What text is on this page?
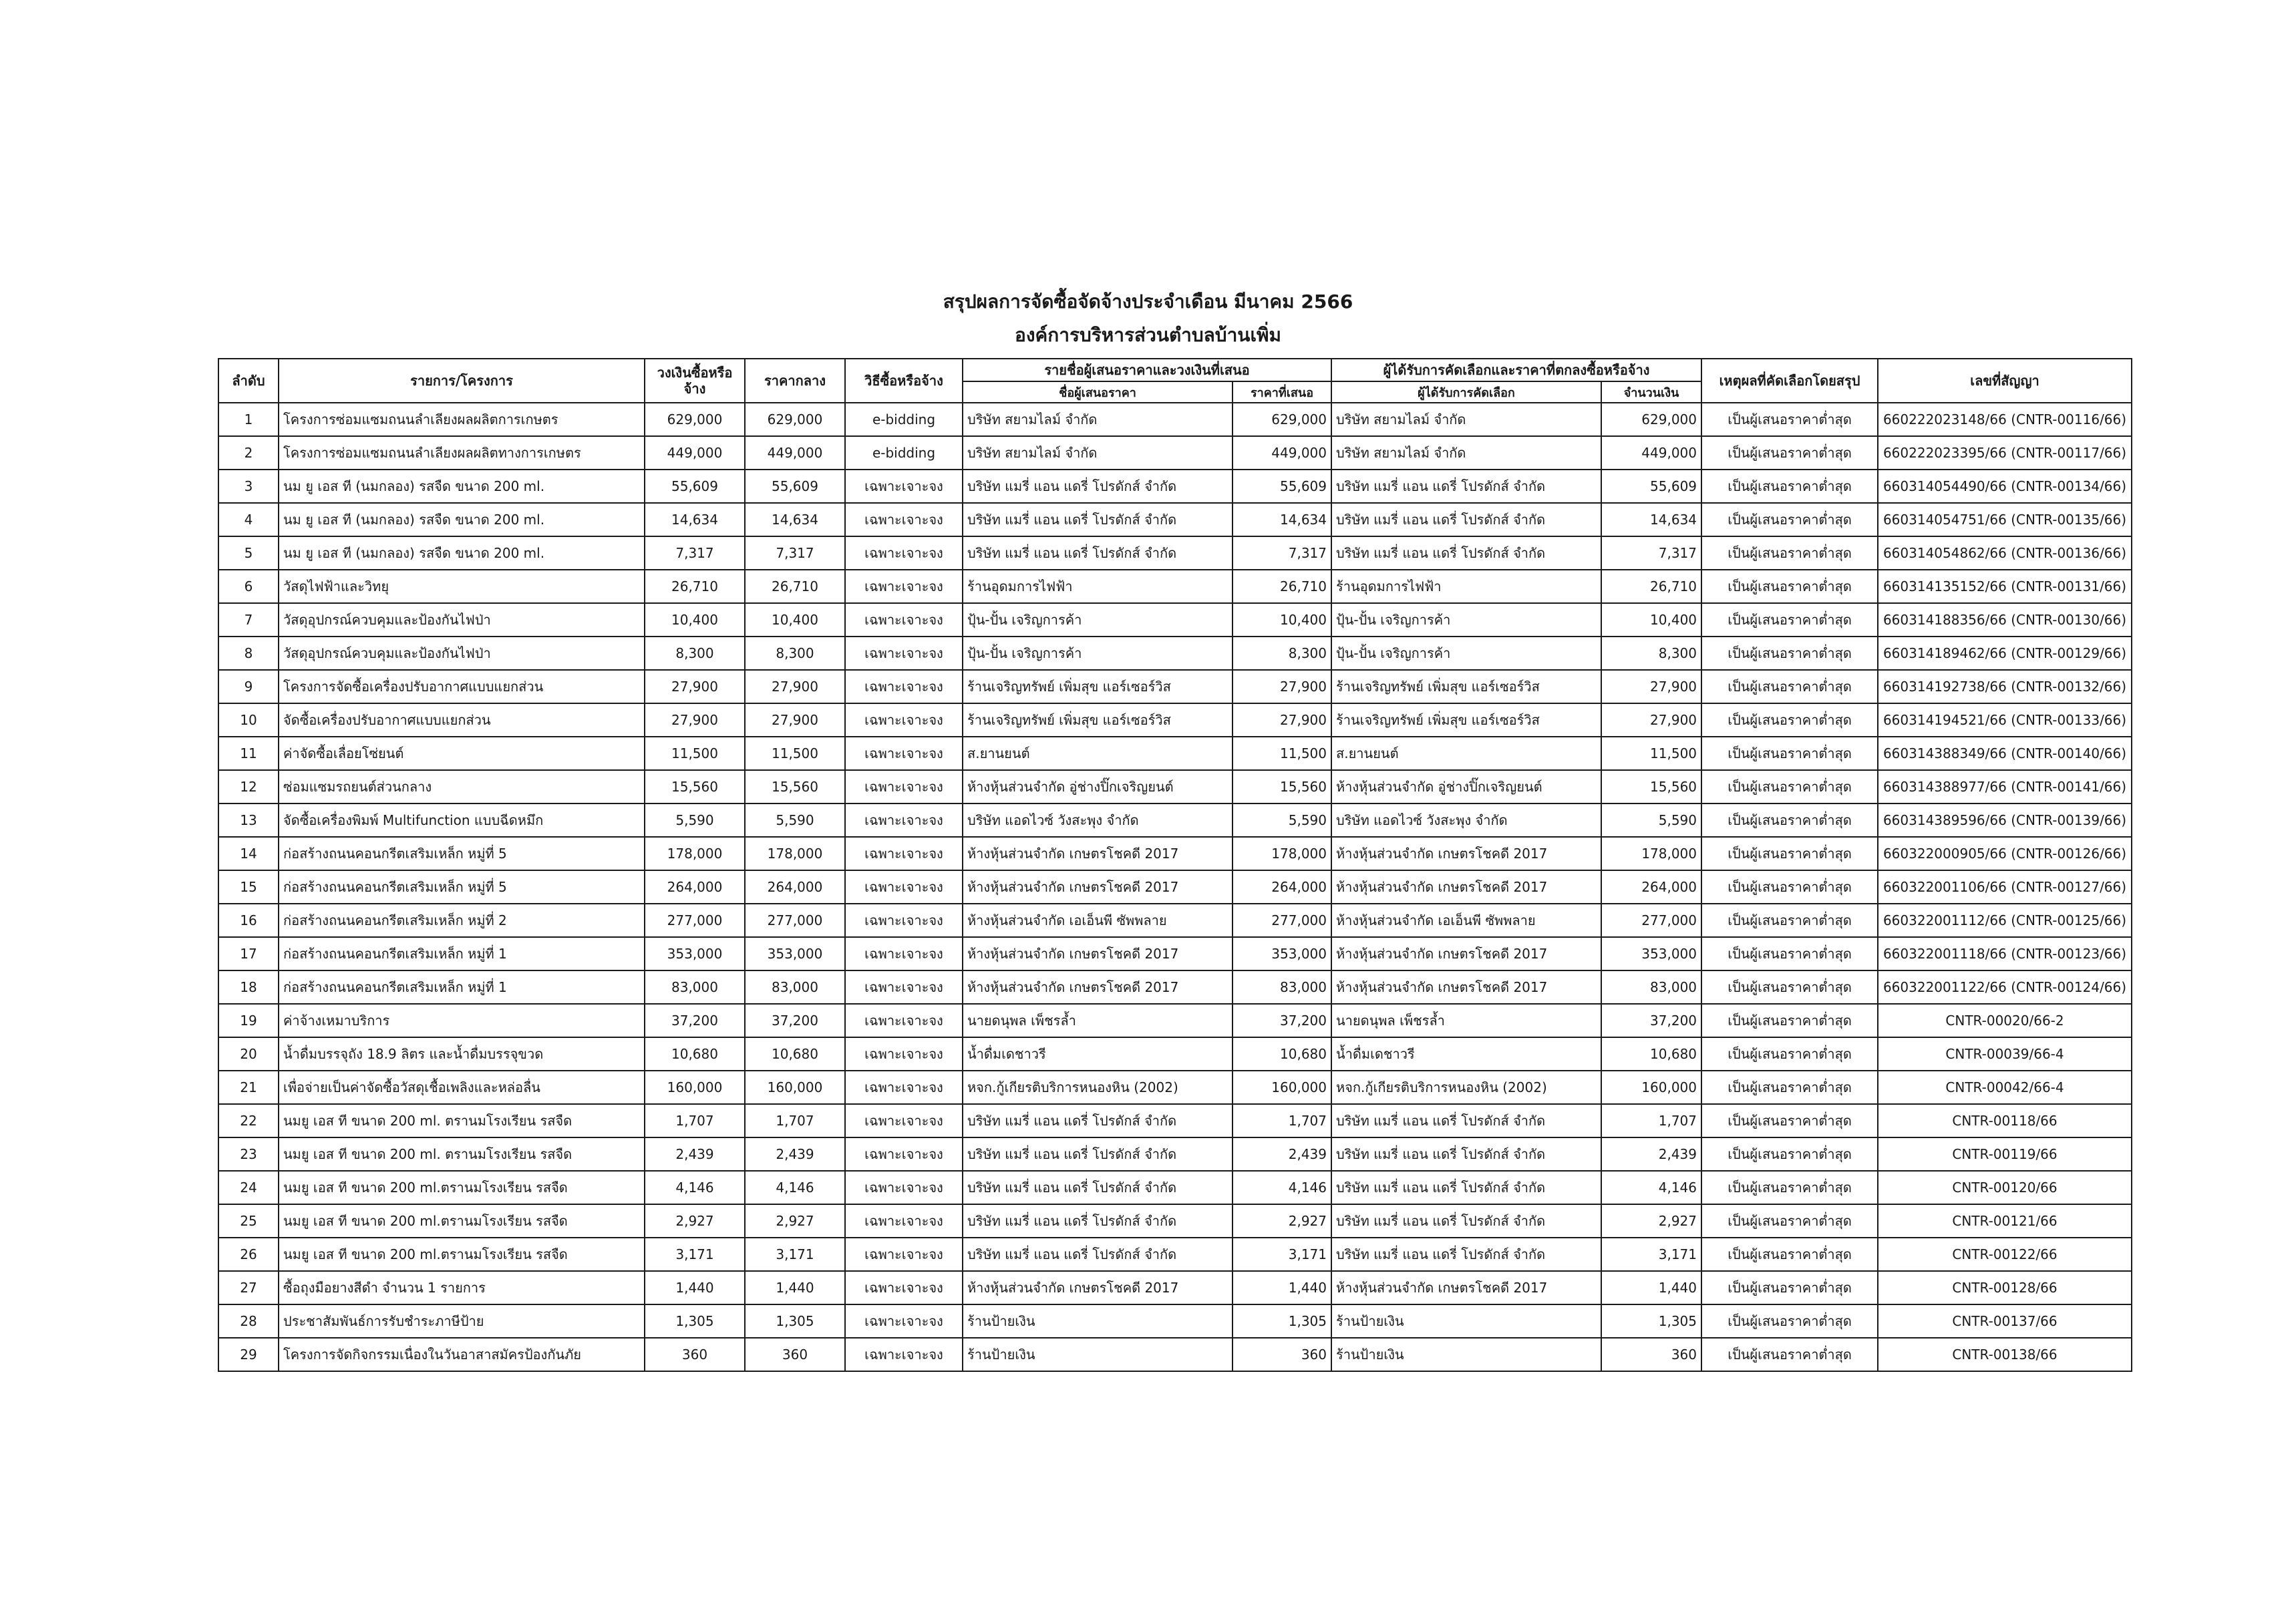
สรุปผลการจัดซื้อจัดจ้างประจำเดือน มีนาคม 2566
องค์การบริหารส่วนตำบลบ้านเพิ่ม
ลำดับ	รายการ/โครงการ	วงเงินซื้อหรือจ้าง	ราคากลาง	วิธีซื้อหรือจ้าง	รายชื่อผู้เสนอราคาและวงเงินที่เสนอ		ผู้ได้รับการคัดเลือกและราคาที่ตกลงซื้อหรือจ้าง		เหตุผลที่คัดเลือกโดยสรุป	เลขที่สัญญา
					ชื่อผู้เสนอราคา	ราคาที่เสนอ	ผู้ได้รับการคัดเลือก	จำนวนเงิน		
1	โครงการซ่อมแซมถนนลำเลียงผลผลิตการเกษตร	629,000	629,000	e-bidding	บริษัท สยามไลม์ จำกัด	629,000	บริษัท สยามไลม์ จำกัด	629,000	เป็นผู้เสนอราคาต่ำสุด	660222023148/66 (CNTR-00116/66)
2	โครงการซ่อมแซมถนนลำเลียงผลผลิตทางการเกษตร	449,000	449,000	e-bidding	บริษัท สยามไลม์ จำกัด	449,000	บริษัท สยามไลม์ จำกัด	449,000	เป็นผู้เสนอราคาต่ำสุด	660222023395/66 (CNTR-00117/66)
3	นม ยู เอส ที (นมกลอง) รสจืด ขนาด 200 ml.	55,609	55,609	เฉพาะเจาะจง	บริษัท แมรี่ แอน แดรี่ โปรดักส์ จำกัด	55,609	บริษัท แมรี่ แอน แดรี่ โปรดักส์ จำกัด	55,609	เป็นผู้เสนอราคาต่ำสุด	660314054490/66 (CNTR-00134/66)
4	นม ยู เอส ที (นมกลอง) รสจืด ขนาด 200 ml.	14,634	14,634	เฉพาะเจาะจง	บริษัท แมรี่ แอน แดรี่ โปรดักส์ จำกัด	14,634	บริษัท แมรี่ แอน แดรี่ โปรดักส์ จำกัด	14,634	เป็นผู้เสนอราคาต่ำสุด	660314054751/66 (CNTR-00135/66)
5	นม ยู เอส ที (นมกลอง) รสจืด ขนาด 200 ml.	7,317	7,317	เฉพาะเจาะจง	บริษัท แมรี่ แอน แดรี่ โปรดักส์ จำกัด	7,317	บริษัท แมรี่ แอน แดรี่ โปรดักส์ จำกัด	7,317	เป็นผู้เสนอราคาต่ำสุด	660314054862/66 (CNTR-00136/66)
6	วัสดุไฟฟ้าและวิทยุ	26,710	26,710	เฉพาะเจาะจง	ร้านอุดมการไฟฟ้า	26,710	ร้านอุดมการไฟฟ้า	26,710	เป็นผู้เสนอราคาต่ำสุด	660314135152/66 (CNTR-00131/66)
7	วัสดุอุปกรณ์ควบคุมและป้องกันไฟป่า	10,400	10,400	เฉพาะเจาะจง	ปุ้น-ปั้น เจริญการค้า	10,400	ปุ้น-ปั้น เจริญการค้า	10,400	เป็นผู้เสนอราคาต่ำสุด	660314188356/66 (CNTR-00130/66)
8	วัสดุอุปกรณ์ควบคุมและป้องกันไฟป่า	8,300	8,300	เฉพาะเจาะจง	ปุ้น-ปั้น เจริญการค้า	8,300	ปุ้น-ปั้น เจริญการค้า	8,300	เป็นผู้เสนอราคาต่ำสุด	660314189462/66 (CNTR-00129/66)
9	โครงการจัดซื้อเครื่องปรับอากาศแบบแยกส่วน	27,900	27,900	เฉพาะเจาะจง	ร้านเจริญทรัพย์ เพิ่มสุข แอร์เซอร์วิส	27,900	ร้านเจริญทรัพย์ เพิ่มสุข แอร์เซอร์วิส	27,900	เป็นผู้เสนอราคาต่ำสุด	660314192738/66 (CNTR-00132/66)
10	จัดซื้อเครื่องปรับอากาศแบบแยกส่วน	27,900	27,900	เฉพาะเจาะจง	ร้านเจริญทรัพย์ เพิ่มสุข แอร์เซอร์วิส	27,900	ร้านเจริญทรัพย์ เพิ่มสุข แอร์เซอร์วิส	27,900	เป็นผู้เสนอราคาต่ำสุด	660314194521/66 (CNTR-00133/66)
11	ค่าจัดซื้อเลื่อยโซ่ยนต์	11,500	11,500	เฉพาะเจาะจง	ส.ยานยนต์	11,500	ส.ยานยนต์	11,500	เป็นผู้เสนอราคาต่ำสุด	660314388349/66 (CNTR-00140/66)
12	ซ่อมแซมรถยนต์ส่วนกลาง	15,560	15,560	เฉพาะเจาะจง	ห้างหุ้นส่วนจำกัด อู่ช่างปิ๊กเจริญยนต์	15,560	ห้างหุ้นส่วนจำกัด อู่ช่างปิ๊กเจริญยนต์	15,560	เป็นผู้เสนอราคาต่ำสุด	660314388977/66 (CNTR-00141/66)
13	จัดซื้อเครื่องพิมพ์ Multifunction แบบฉีดหมึก	5,590	5,590	เฉพาะเจาะจง	บริษัท แอดไวซ์ วังสะพุง จำกัด	5,590	บริษัท แอดไวซ์ วังสะพุง จำกัด	5,590	เป็นผู้เสนอราคาต่ำสุด	660314389596/66 (CNTR-00139/66)
14	ก่อสร้างถนนคอนกรีตเสริมเหล็ก หมู่ที่ 5	178,000	178,000	เฉพาะเจาะจง	ห้างหุ้นส่วนจำกัด เกษตรโชคดี 2017	178,000	ห้างหุ้นส่วนจำกัด เกษตรโชคดี 2017	178,000	เป็นผู้เสนอราคาต่ำสุด	660322000905/66 (CNTR-00126/66)
15	ก่อสร้างถนนคอนกรีตเสริมเหล็ก หมู่ที่ 5	264,000	264,000	เฉพาะเจาะจง	ห้างหุ้นส่วนจำกัด เกษตรโชคดี 2017	264,000	ห้างหุ้นส่วนจำกัด เกษตรโชคดี 2017	264,000	เป็นผู้เสนอราคาต่ำสุด	660322001106/66 (CNTR-00127/66)
16	ก่อสร้างถนนคอนกรีตเสริมเหล็ก หมู่ที่ 2	277,000	277,000	เฉพาะเจาะจง	ห้างหุ้นส่วนจำกัด เอเอ็นพี ซัพพลาย	277,000	ห้างหุ้นส่วนจำกัด เอเอ็นพี ซัพพลาย	277,000	เป็นผู้เสนอราคาต่ำสุด	660322001112/66 (CNTR-00125/66)
17	ก่อสร้างถนนคอนกรีตเสริมเหล็ก หมู่ที่ 1	353,000	353,000	เฉพาะเจาะจง	ห้างหุ้นส่วนจำกัด เกษตรโชคดี 2017	353,000	ห้างหุ้นส่วนจำกัด เกษตรโชคดี 2017	353,000	เป็นผู้เสนอราคาต่ำสุด	660322001118/66 (CNTR-00123/66)
18	ก่อสร้างถนนคอนกรีตเสริมเหล็ก หมู่ที่ 1	83,000	83,000	เฉพาะเจาะจง	ห้างหุ้นส่วนจำกัด เกษตรโชคดี 2017	83,000	ห้างหุ้นส่วนจำกัด เกษตรโชคดี 2017	83,000	เป็นผู้เสนอราคาต่ำสุด	660322001122/66 (CNTR-00124/66)
19	ค่าจ้างเหมาบริการ	37,200	37,200	เฉพาะเจาะจง	นายดนุพล เพ็ชรล้ำ	37,200	นายดนุพล เพ็ชรล้ำ	37,200	เป็นผู้เสนอราคาต่ำสุด	CNTR-00020/66-2
20	น้ำดื่มบรรจุถัง 18.9 ลิตร และน้ำดื่มบรรจุขวด	10,680	10,680	เฉพาะเจาะจง	น้ำดื่มเดชาวรี	10,680	น้ำดื่มเดชาวรี	10,680	เป็นผู้เสนอราคาต่ำสุด	CNTR-00039/66-4
21	เพื่อจ่ายเป็นค่าจัดซื้อวัสดุเชื้อเพลิงและหล่อลื่น	160,000	160,000	เฉพาะเจาะจง	หจก.กู้เกียรติบริการหนองหิน (2002)	160,000	หจก.กู้เกียรติบริการหนองหิน (2002)	160,000	เป็นผู้เสนอราคาต่ำสุด	CNTR-00042/66-4
22	นมยู เอส ที ขนาด 200 ml. ตรานมโรงเรียน รสจืด	1,707	1,707	เฉพาะเจาะจง	บริษัท แมรี่ แอน แดรี่ โปรดักส์ จำกัด	1,707	บริษัท แมรี่ แอน แดรี่ โปรดักส์ จำกัด	1,707	เป็นผู้เสนอราคาต่ำสุด	CNTR-00118/66
23	นมยู เอส ที ขนาด 200 ml. ตรานมโรงเรียน รสจืด	2,439	2,439	เฉพาะเจาะจง	บริษัท แมรี่ แอน แดรี่ โปรดักส์ จำกัด	2,439	บริษัท แมรี่ แอน แดรี่ โปรดักส์ จำกัด	2,439	เป็นผู้เสนอราคาต่ำสุด	CNTR-00119/66
24	นมยู เอส ที ขนาด 200 ml.ตรานมโรงเรียน รสจืด	4,146	4,146	เฉพาะเจาะจง	บริษัท แมรี่ แอน แดรี่ โปรดักส์ จำกัด	4,146	บริษัท แมรี่ แอน แดรี่ โปรดักส์ จำกัด	4,146	เป็นผู้เสนอราคาต่ำสุด	CNTR-00120/66
25	นมยู เอส ที ขนาด 200 ml.ตรานมโรงเรียน รสจืด	2,927	2,927	เฉพาะเจาะจง	บริษัท แมรี่ แอน แดรี่ โปรดักส์ จำกัด	2,927	บริษัท แมรี่ แอน แดรี่ โปรดักส์ จำกัด	2,927	เป็นผู้เสนอราคาต่ำสุด	CNTR-00121/66
26	นมยู เอส ที ขนาด 200 ml.ตรานมโรงเรียน รสจืด	3,171	3,171	เฉพาะเจาะจง	บริษัท แมรี่ แอน แดรี่ โปรดักส์ จำกัด	3,171	บริษัท แมรี่ แอน แดรี่ โปรดักส์ จำกัด	3,171	เป็นผู้เสนอราคาต่ำสุด	CNTR-00122/66
27	ซื้อถุงมือยางสีดำ จำนวน 1 รายการ	1,440	1,440	เฉพาะเจาะจง	ห้างหุ้นส่วนจำกัด เกษตรโชคดี 2017	1,440	ห้างหุ้นส่วนจำกัด เกษตรโชคดี 2017	1,440	เป็นผู้เสนอราคาต่ำสุด	CNTR-00128/66
28	ประชาสัมพันธ์การรับชำระภาษีป้าย	1,305	1,305	เฉพาะเจาะจง	ร้านป้ายเงิน	1,305	ร้านป้ายเงิน	1,305	เป็นผู้เสนอราคาต่ำสุด	CNTR-00137/66
29	โครงการจัดกิจกรรมเนื่องในวันอาสาสมัครป้องกันภัย	360	360	เฉพาะเจาะจง	ร้านป้ายเงิน	360	ร้านป้ายเงิน	360	เป็นผู้เสนอราคาต่ำสุด	CNTR-00138/66
